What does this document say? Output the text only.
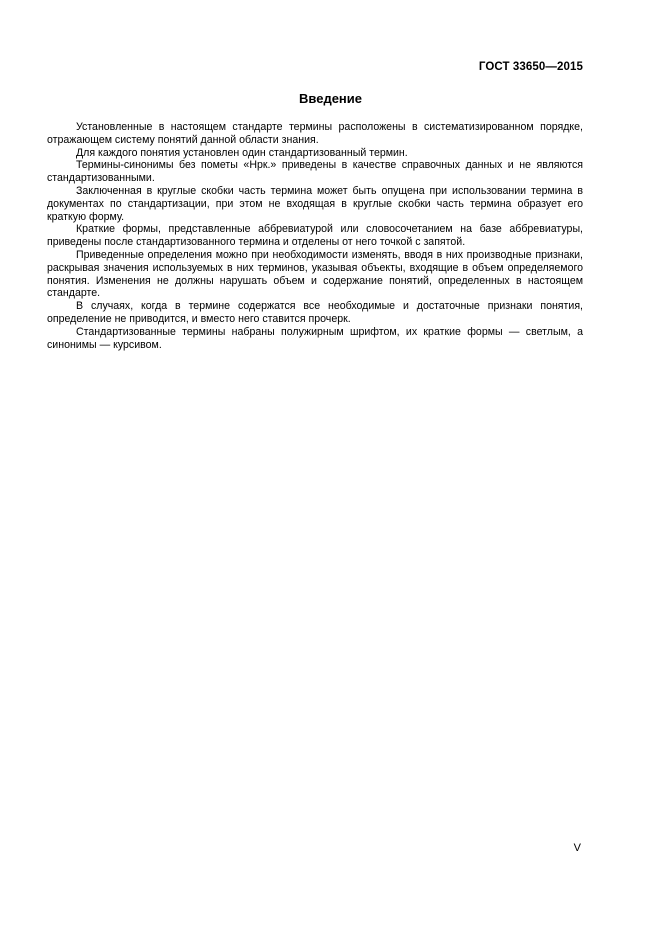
ГОСТ 33650—2015
Введение

Установленные в настоящем стандарте термины расположены в систематизированном порядке, отражающем систему понятий данной области знания.

Для каждого понятия установлен один стандартизованный термин.

Термины-синонимы без пометы «Нрк.» приведены в качестве справочных данных и не являются стандартизованными.

Заключенная в круглые скобки часть термина может быть опущена при использовании термина в документах по стандартизации, при этом не входящая в круглые скобки часть термина образует его краткую форму.

Краткие формы, представленные аббревиатурой или словосочетанием на базе аббревиатуры, приведены после стандартизованного термина и отделены от него точкой с запятой.

Приведенные определения можно при необходимости изменять, вводя в них производные признаки, раскрывая значения используемых в них терминов, указывая объекты, входящие в объем определяемого понятия. Изменения не должны нарушать объем и содержание понятий, определенных в настоящем стандарте.

В случаях, когда в термине содержатся все необходимые и достаточные признаки понятия, определение не приводится, и вместо него ставится прочерк.

Стандартизованные термины набраны полужирным шрифтом, их краткие формы — светлым, а синонимы — курсивом.

V
